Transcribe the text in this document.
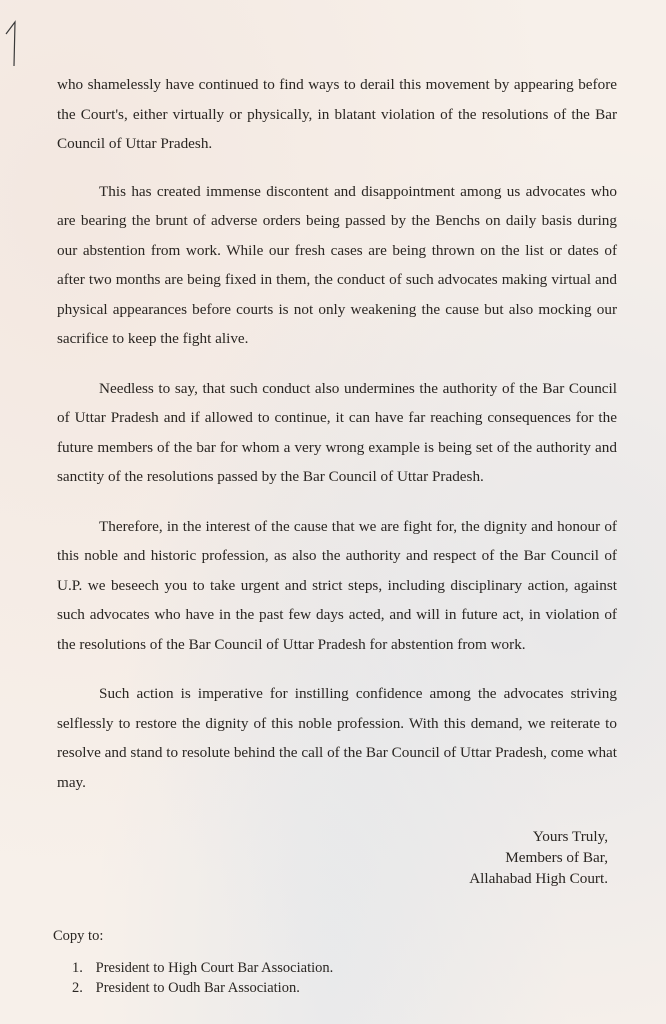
who shamelessly have continued to find ways to derail this movement by appearing before the Court's, either virtually or physically, in blatant violation of the resolutions of the Bar Council of Uttar Pradesh.

This has created immense discontent and disappointment among us advocates who are bearing the brunt of adverse orders being passed by the Benchs on daily basis during our abstention from work. While our fresh cases are being thrown on the list or dates of after two months are being fixed in them, the conduct of such advocates making virtual and physical appearances before courts is not only weakening the cause but also mocking our sacrifice to keep the fight alive.

Needless to say, that such conduct also undermines the authority of the Bar Council of Uttar Pradesh and if allowed to continue, it can have far reaching consequences for the future members of the bar for whom a very wrong example is being set of the authority and sanctity of the resolutions passed by the Bar Council of Uttar Pradesh.

Therefore, in the interest of the cause that we are fight for, the dignity and honour of this noble and historic profession, as also the authority and respect of the Bar Council of U.P. we beseech you to take urgent and strict steps, including disciplinary action, against such advocates who have in the past few days acted, and will in future act, in violation of the resolutions of the Bar Council of Uttar Pradesh for abstention from work.

Such action is imperative for instilling confidence among the advocates striving selflessly to restore the dignity of this noble profession. With this demand, we reiterate to resolve and stand to resolute behind the call of the Bar Council of Uttar Pradesh, come what may.

Yours Truly,
Members of Bar,
Allahabad High Court.
Copy to:
1. President to High Court Bar Association.
2. President to Oudh Bar Association.
